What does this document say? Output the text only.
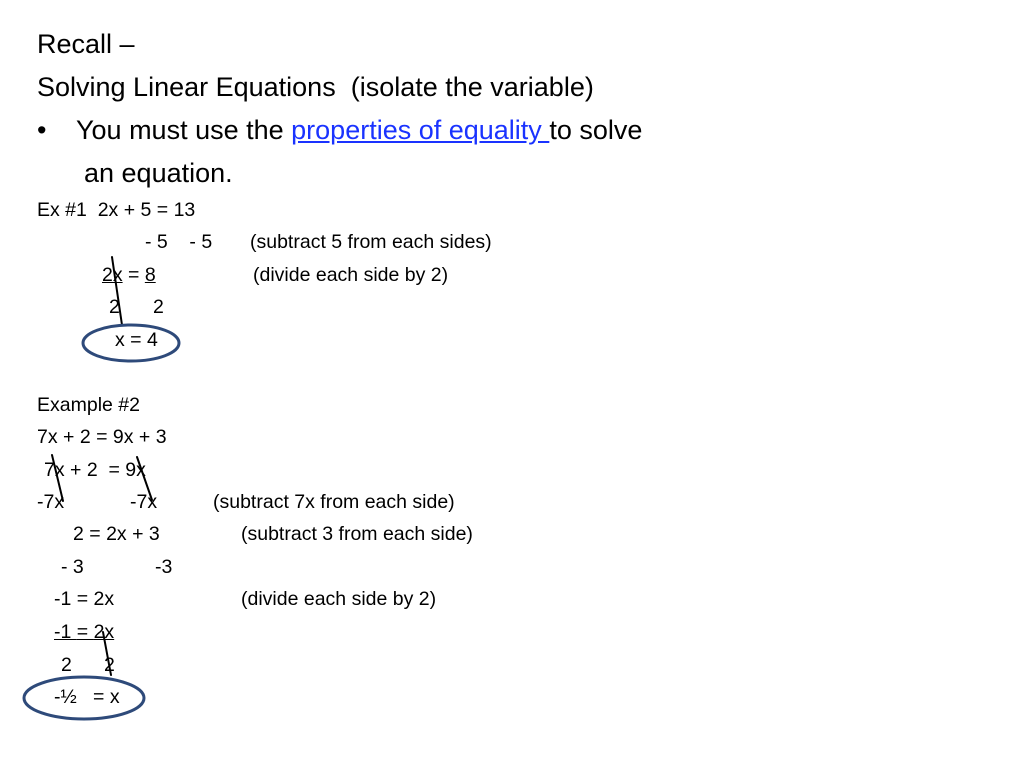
Recall –
Solving Linear Equations  (isolate the variable)
• You must use the properties of equality to solve
an equation.
Ex #1  2x + 5 = 13
- 5    - 5 (subtract 5 from each sides)
2x = 8	(divide each side by 2)
2 2
x = 4
Example #2
7x + 2 = 9x + 3
7x + 2  = 9x
-7x	-7x	(subtract 7x from each side)
2 = 2x + 3	(subtract 3 from each side)
- 3	-3
-1 = 2x	(divide each side by 2)
-1 = 2x
2 2
-½   = x
